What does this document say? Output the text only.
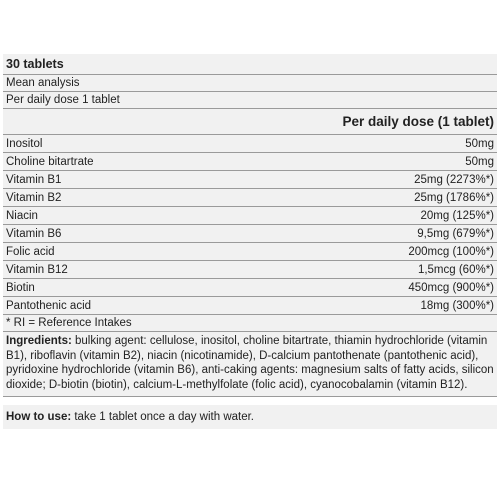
30 tablets
Mean analysis
Per daily dose 1 tablet
Per daily dose (1 tablet)
Inositol	50mg
Choline bitartrate	50mg
Vitamin B1	25mg (2273%*)
Vitamin B2	25mg (1786%*)
Niacin	20mg (125%*)
Vitamin B6	9,5mg (679%*)
Folic acid	200mcg (100%*)
Vitamin B12	1,5mcg (60%*)
Biotin	450mcg (900%*)
Pantothenic acid	18mg (300%*)
* RI = Reference Intakes
Ingredients: bulking agent: cellulose, inositol, choline bitartrate, thiamin hydrochloride (vitamin B1), riboflavin (vitamin B2), niacin (nicotinamide), D-calcium pantothenate (pantothenic acid), pyridoxine hydrochloride (vitamin B6), anti-caking agents: magnesium salts of fatty acids, silicon dioxide; D-biotin (biotin), calcium-L-methylfolate (folic acid), cyanocobalamin (vitamin B12).
How to use: take 1 tablet once a day with water.
